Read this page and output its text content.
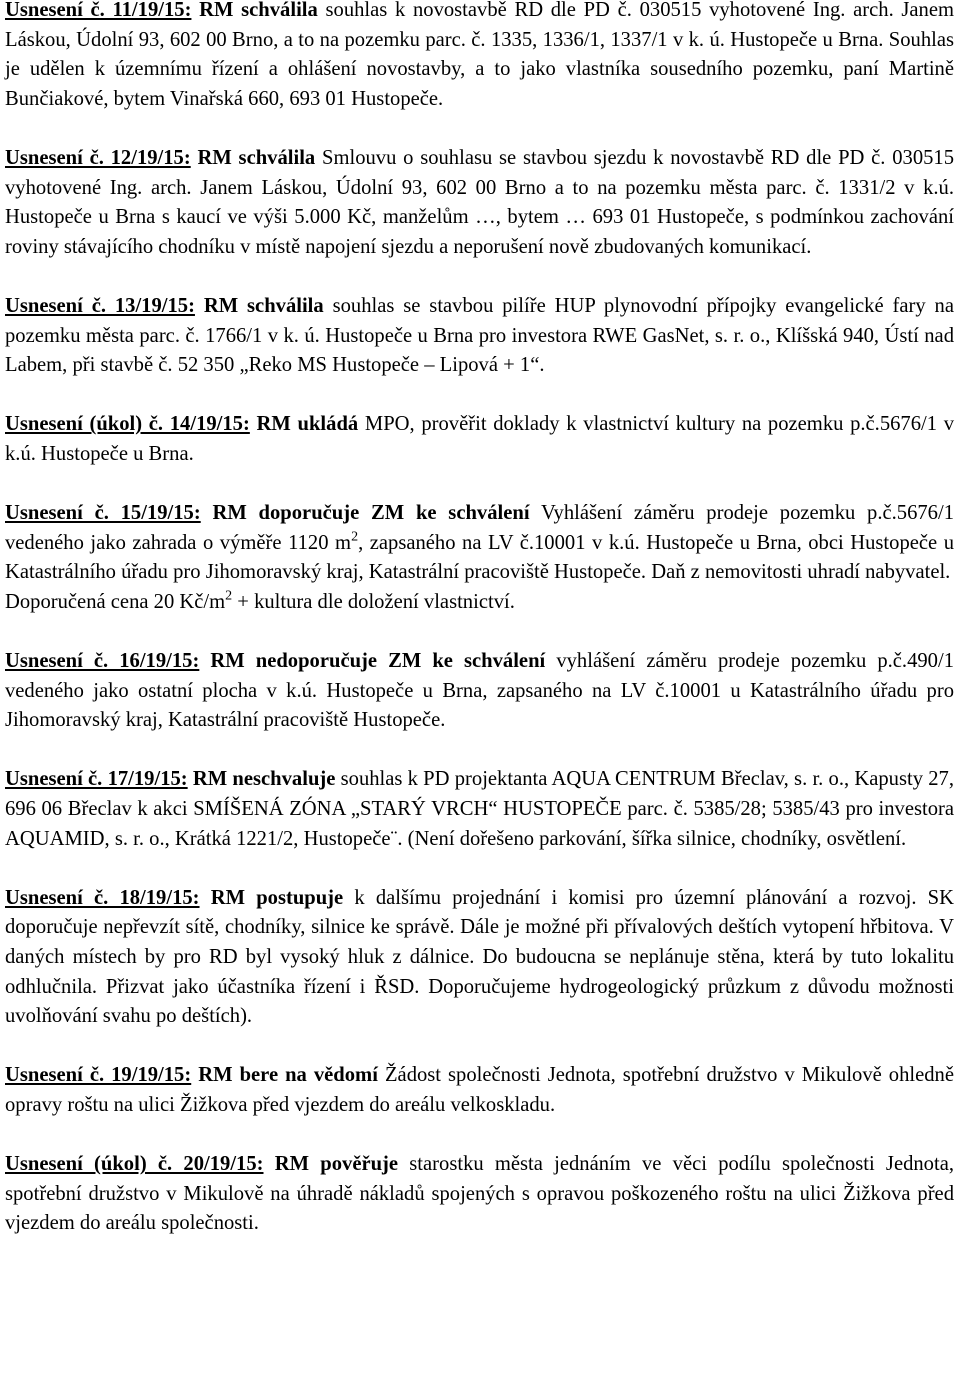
Usnesení č. 11/19/15: RM schválila souhlas k novostavbě RD dle PD č. 030515 vyhotovené Ing. arch. Janem Láskou, Údolní 93, 602 00 Brno, a to na pozemku parc. č. 1335, 1336/1, 1337/1 v k. ú. Hustopeče u Brna. Souhlas je udělen k územnímu řízení a ohlášení novostavby, a to jako vlastníka sousedního pozemku, paní Martině Bunčiakové, bytem Vinařská 660, 693 01 Hustopeče.

Usnesení č. 12/19/15: RM schválila Smlouvu o souhlasu se stavbou sjezdu k novostavbě RD dle PD č. 030515 vyhotovené Ing. arch. Janem Láskou, Údolní 93, 602 00 Brno a to na pozemku města parc. č. 1331/2 v k.ú. Hustopeče u Brna s kaucí ve výši 5.000 Kč, manželům …, bytem … 693 01 Hustopeče, s podmínkou zachování roviny stávajícího chodníku v místě napojení sjezdu a neporušení nově zbudovaných komunikací.

Usnesení č. 13/19/15: RM schválila souhlas se stavbou pilíře HUP plynovodní přípojky evangelické fary na pozemku města parc. č. 1766/1 v k. ú. Hustopeče u Brna pro investora RWE GasNet, s. r. o., Klíšská 940, Ústí nad Labem, při stavbě č. 52 350 „Reko MS Hustopeče – Lipová + 1“.

Usnesení (úkol) č. 14/19/15: RM ukládá MPO, prověřit doklady k vlastnictví kultury na pozemku p.č.5676/1 v k.ú. Hustopeče u Brna.

Usnesení č. 15/19/15: RM doporučuje ZM ke schválení Vyhlášení záměru prodeje pozemku p.č.5676/1 vedeného jako zahrada o výměře 1120 $m^2$, zapsaného na LV č.10001 v k.ú. Hustopeče u Brna, obci Hustopeče u Katastrálního úřadu pro Jihomoravský kraj, Katastrální pracoviště Hustopeče. Daň z nemovitosti uhradí nabyvatel.
Doporučená cena 20 $Kč/m^2$ + kultura dle doložení vlastnictví.

Usnesení č. 16/19/15: RM nedoporučuje ZM ke schválení vyhlášení záměru prodeje pozemku p.č.490/1 vedeného jako ostatní plocha v k.ú. Hustopeče u Brna, zapsaného na LV č.10001 u Katastrálního úřadu pro Jihomoravský kraj, Katastrální pracoviště Hustopeče.

Usnesení č. 17/19/15: RM neschvaluje souhlas k PD projektanta AQUA CENTRUM Břeclav, s. r. o., Kapusty 27, 696 06 Břeclav k akci SMÍŠENÁ ZÓNA „STARÝ VRCH“ HUSTOPEČE parc. č. 5385/28; 5385/43 pro investora AQUAMID, s. r. o., Krátká 1221/2, Hustopeče¨. (Není dořešeno parkování, šířka silnice, chodníky, osvětlení.

Usnesení č. 18/19/15: RM postupuje k dalšímu projednání i komisi pro územní plánování a rozvoj. SK doporučuje nepřevzít sítě, chodníky, silnice ke správě. Dále je možné při přívalových deštích vytopení hřbitova. V daných místech by pro RD byl vysoký hluk z dálnice. Do budoucna se neplánuje stěna, která by tuto lokalitu odhlučnila. Přizvat jako účastníka řízení i ŘSD. Doporučujeme hydrogeologický průzkum z důvodu možnosti uvolňování svahu po deštích).

Usnesení č. 19/19/15: RM bere na vědomí Žádost společnosti Jednota, spotřební družstvo v Mikulově ohledně opravy roštu na ulici Žižkova před vjezdem do areálu velkoskladu.

Usnesení (úkol) č. 20/19/15: RM pověřuje starostku města jednáním ve věci podílu společnosti Jednota, spotřební družstvo v Mikulově na úhradě nákladů spojených s opravou poškozeného roštu na ulici Žižkova před vjezdem do areálu společnosti.
